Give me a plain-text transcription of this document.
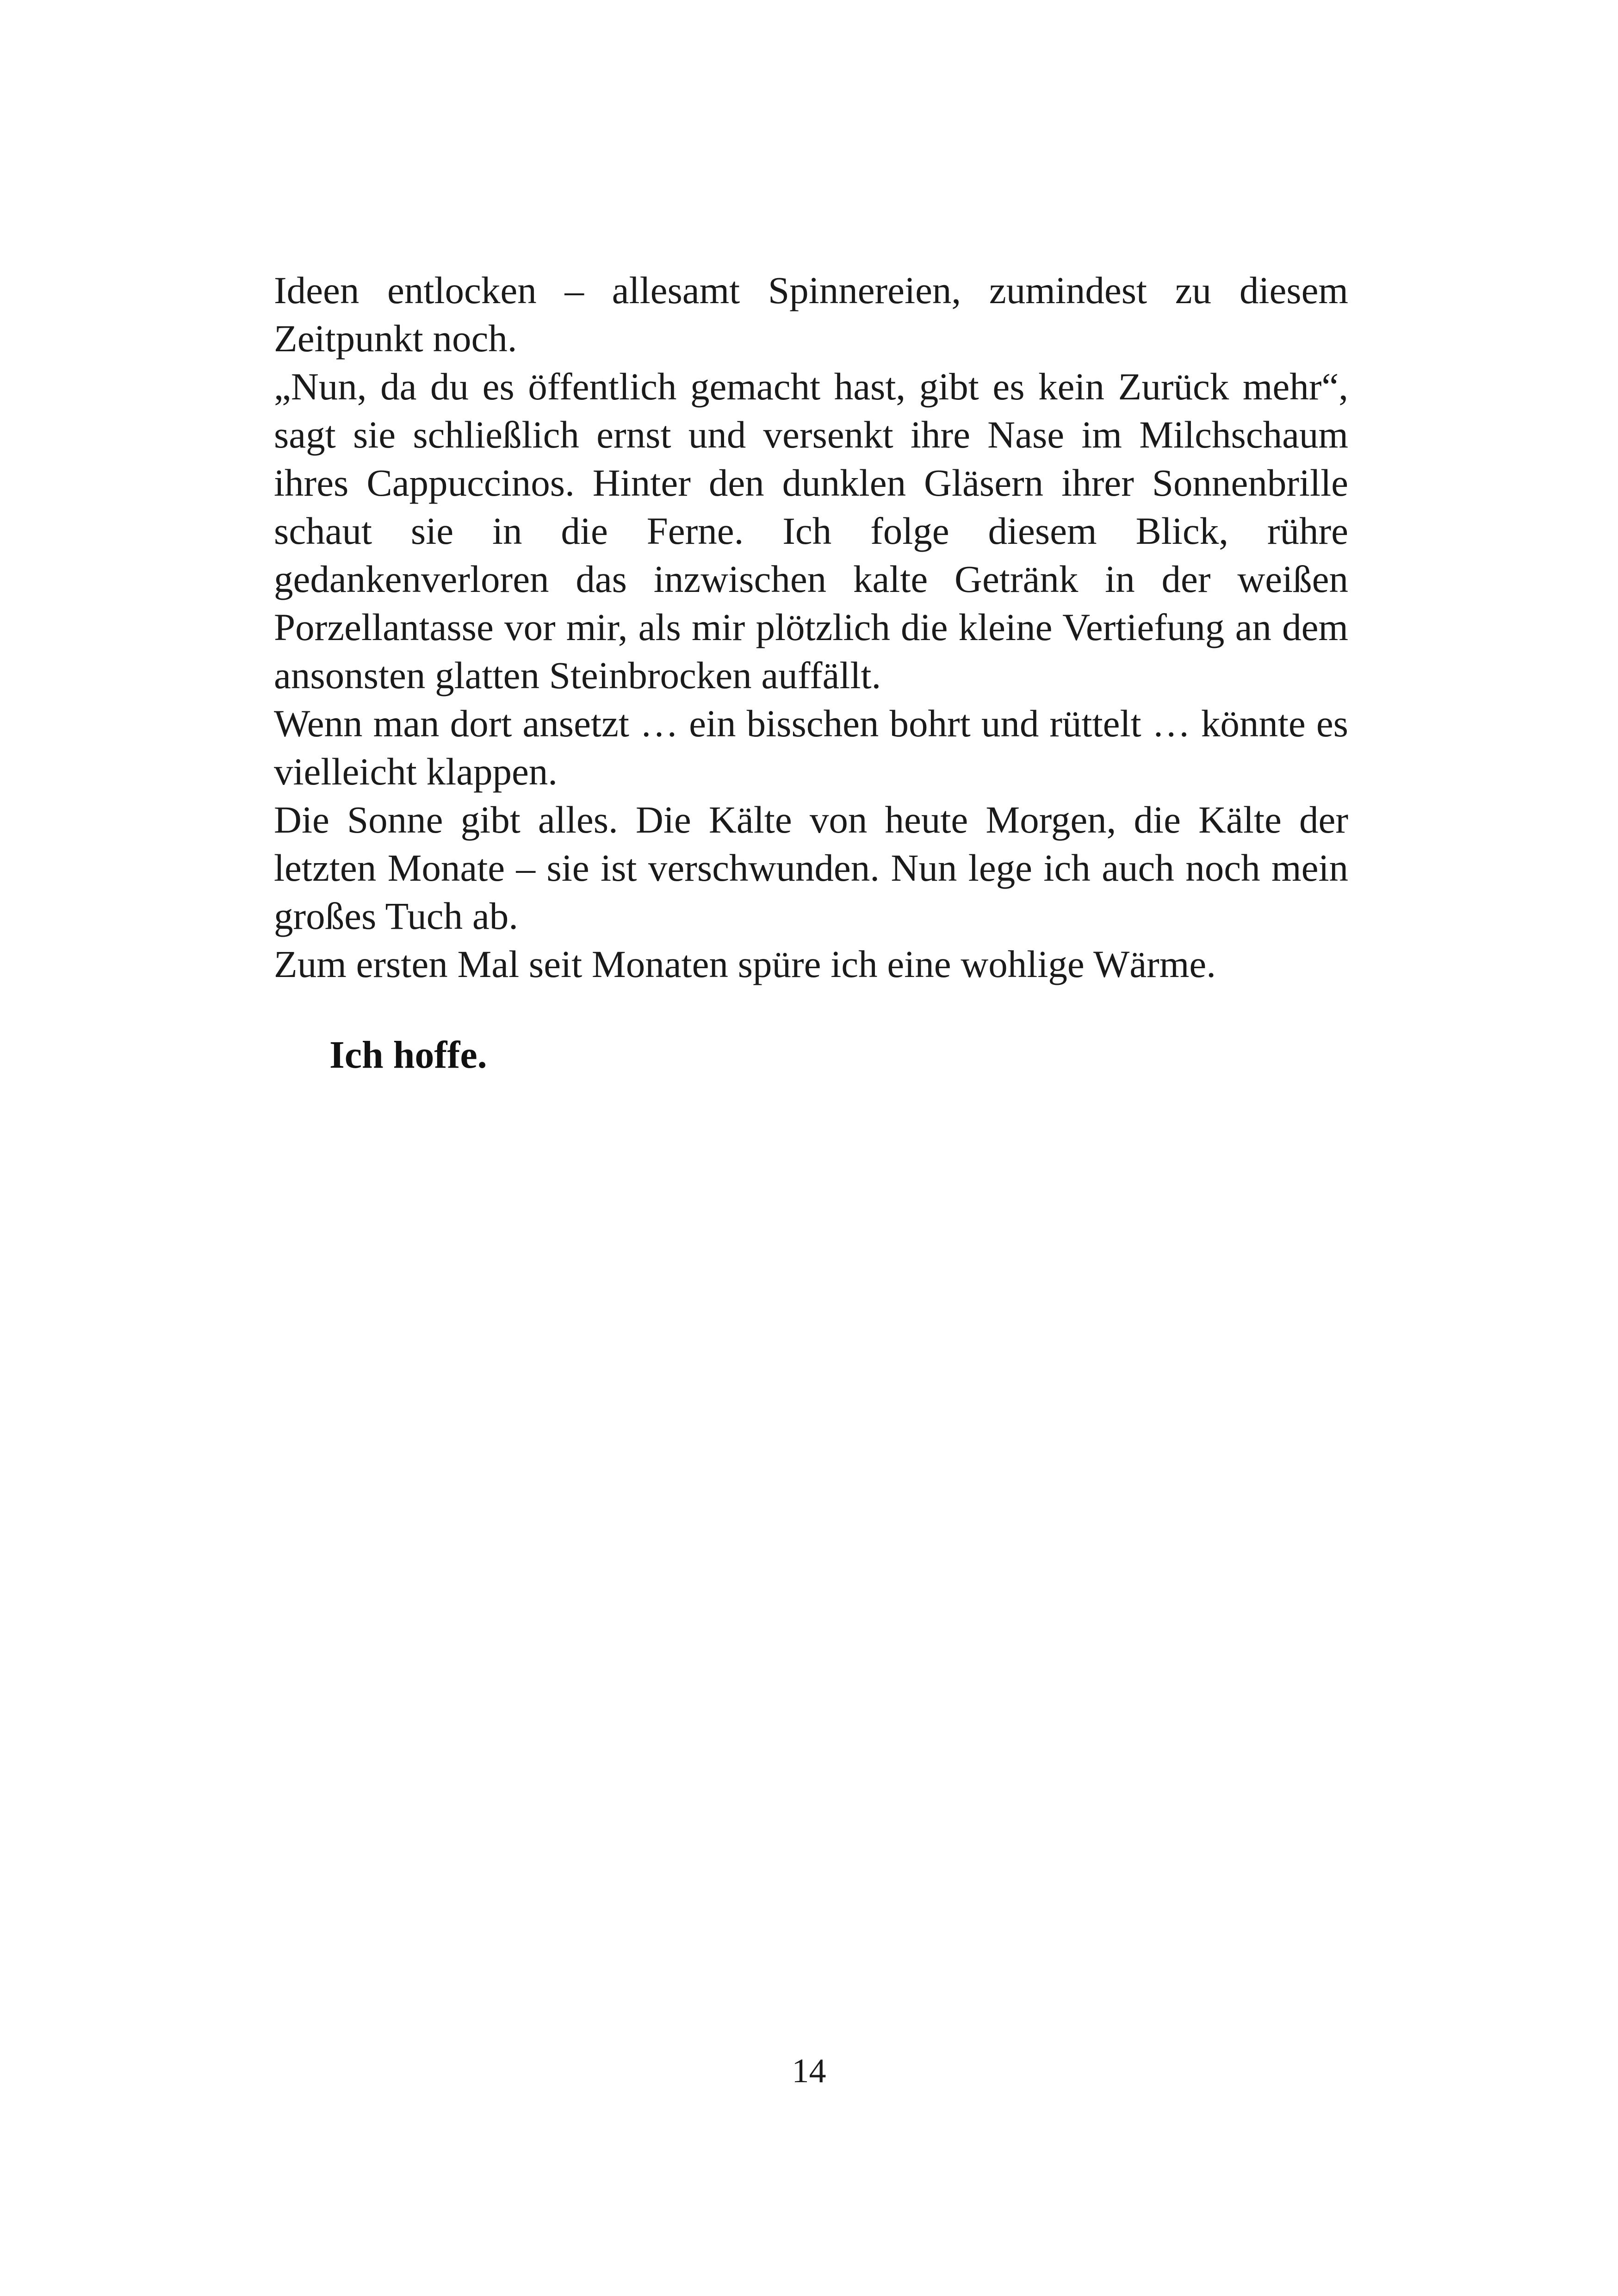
Ideen entlocken – allesamt Spinnereien, zumindest zu diesem Zeitpunkt noch.

„Nun, da du es öffentlich gemacht hast, gibt es kein Zurück mehr“, sagt sie schließlich ernst und versenkt ihre Nase im Milchschaum ihres Cappuccinos. Hinter den dunklen Gläsern ihrer Sonnenbrille schaut sie in die Ferne. Ich folge diesem Blick, rühre gedankenverloren das inzwischen kalte Getränk in der weißen Porzellantasse vor mir, als mir plötzlich die kleine Vertiefung an dem ansonsten glatten Steinbrocken auffällt.

Wenn man dort ansetzt … ein bisschen bohrt und rüttelt … könnte es vielleicht klappen.

Die Sonne gibt alles. Die Kälte von heute Morgen, die Kälte der letzten Monate – sie ist verschwunden. Nun lege ich auch noch mein großes Tuch ab.

Zum ersten Mal seit Monaten spüre ich eine wohlige Wärme.

Ich hoffe.

14
